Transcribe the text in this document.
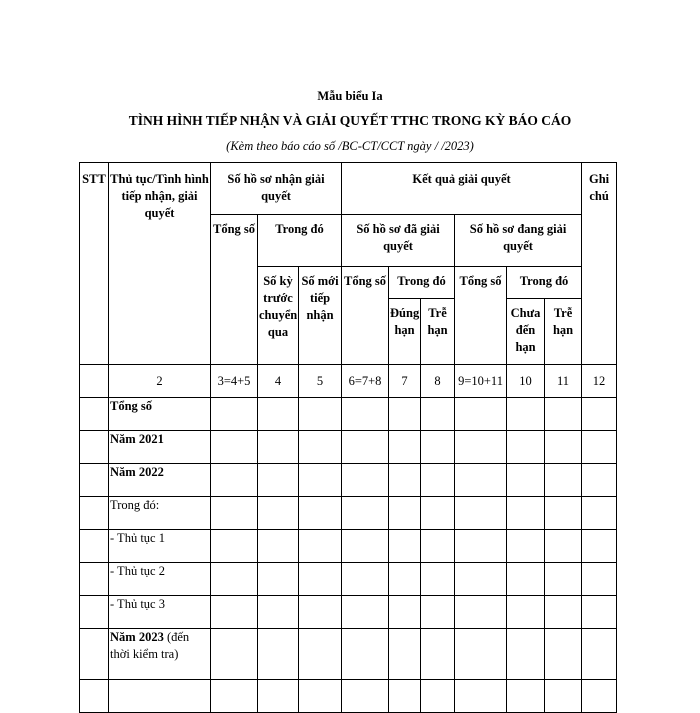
Mẫu biểu Ia
TÌNH HÌNH TIẾP NHẬN VÀ GIẢI QUYẾT TTHC TRONG KỲ BÁO CÁO
(Kèm theo báo cáo số /BC-CT/CCT ngày / /2023)
STT	Thủ tục/Tình hình tiếp nhận, giải quyết	Số hồ sơ nhận giải quyết			Kết quả giải quyết						Ghi chú
		Tổng số	Trong đó		Số hồ sơ đã giải quyết			Số hồ sơ đang giải quyết			
			Số kỳ trước chuyển qua	Số mới tiếp nhận	Tổng số	Trong đó		Tổng số	Trong đó		
						Đúng hạn	Trễ hạn		Chưa đến hạn	Trễ hạn	
	2	3=4+5	4	5	6=7+8	7	8	9=10+11	10	11	12
	Tổng số										
	Năm 2021										
	Năm 2022										
	Trong đó:										
	- Thủ tục 1										
	- Thủ tục 2										
	- Thủ tục 3										
	Năm 2023 (đến thời kiểm tra)										
